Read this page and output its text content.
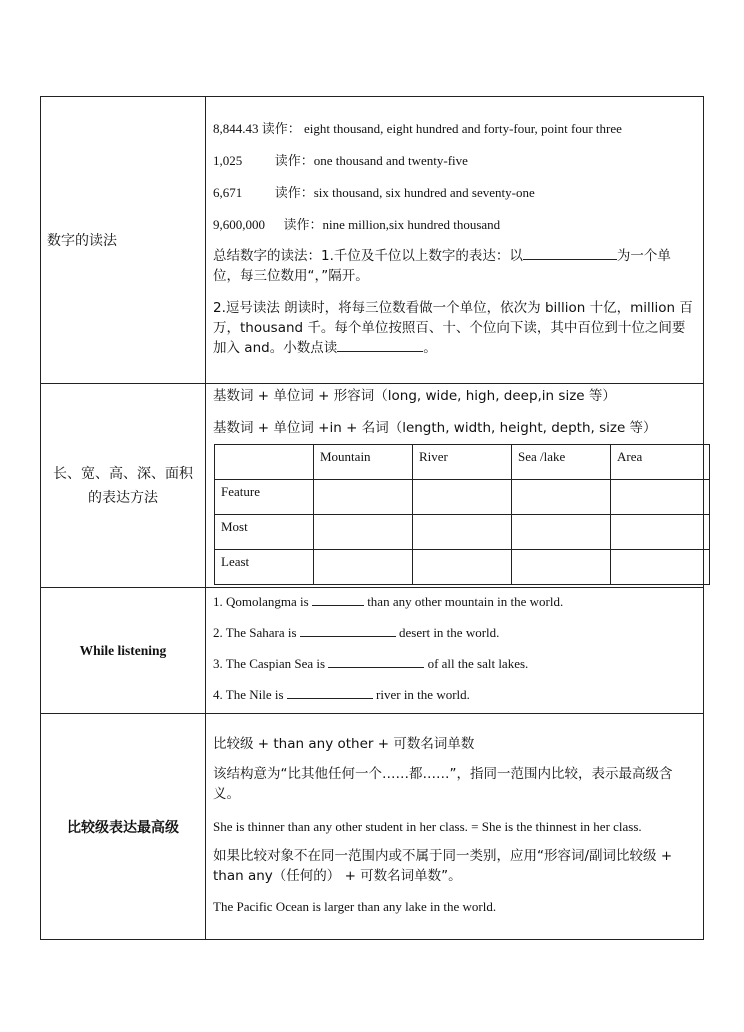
数字的读法	

8,844.43 读作： eight thousand, eight hundred and forty-four, point four three

1,025	读作：one thousand and twenty-five

6,671	读作：six thousand, six hundred and seventy-one

9,600,000 读作：nine million,six hundred thousand

总结数字的读法：1.千位及千位以上数字的表达：以	为一个单位，每三位数用“，”隔开。

2.逗号读法 朗读时，将每三位数看做一个单位，依次为 billion 十亿，million 百万，thousand 千。每个单位按照百、十、个位向下读，其中百位到十位之间要加入 and。小数点读	。

长、宽、高、深、面积的表达方法	

基数词 + 单位词 + 形容词（long, wide, high, deep,in size 等）

基数词 + 单位词 +in + 名词（length, width, height, depth, size 等）

	Mountain	River	Sea /lake	Area
Feature				
Most				
Least				

While listening	

1. Qomolangma is	than any other mountain in the world.

2. The Sahara is	desert in the world.

3. The Caspian Sea is	of all the salt lakes.

4. The Nile is	river in the world.

比较级表达最高级	

比较级 + than any other + 可数名词单数

该结构意为“比其他任何一个……都……”，指同一范围内比较，表示最高级含义。

She is thinner than any other student in her class. = She is the thinnest in her class.

如果比较对象不在同一范围内或不属于同一类别，应用“形容词/副词比较级 + than any（任何的） + 可数名词单数”。

The Pacific Ocean is larger than any lake in the world.
